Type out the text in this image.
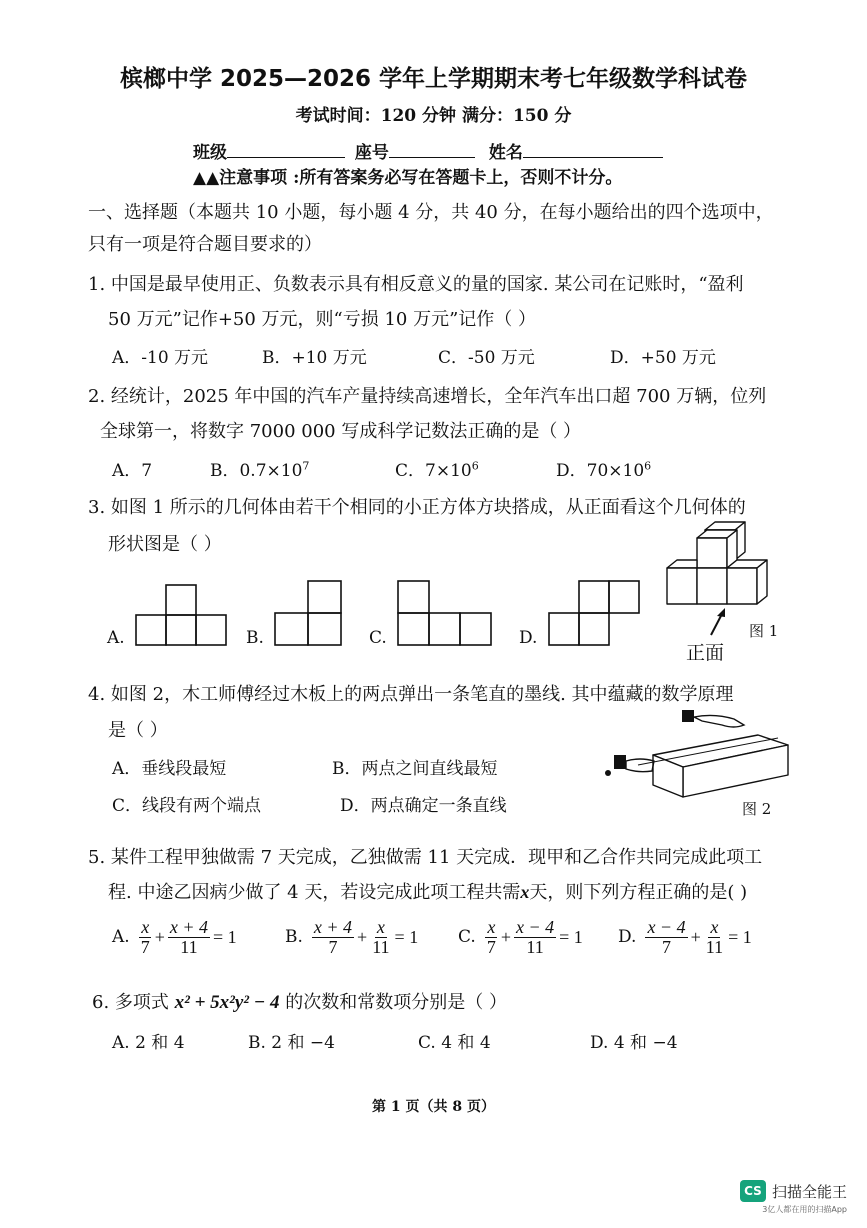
槟榔中学 2025—2026 学年上学期期末考七年级数学科试卷
考试时间：120 分钟 满分：150 分
班级	座号	姓名
▲▲注意事项 :所有答案务必写在答题卡上，否则不计分。
一、选择题（本题共 10 小题，每小题 4 分，共 40 分，在每小题给出的四个选项中，
只有一项是符合题目要求的）
1. 中国是最早使用正、负数表示具有相反意义的量的国家. 某公司在记账时，“盈利
50 万元”记作+50 万元，则“亏损 10 万元”记作（ ）
A．-10 万元	B．+10 万元	C．-50 万元	D．+50 万元
2. 经统计，2025 年中国的汽车产量持续高速增长，全年汽车出口超 700 万辆，位列
全球第一，将数字 7000 000 写成科学记数法正确的是（ ）
A．7	B．$0.7\times 10^7$	C．$7\times 10^6$	D．$70\times 10^6$
3. 如图 1 所示的几何体由若干个相同的小正方体方块搭成，从正面看这个几何体的
形状图是（ ）
A.	B.	C.	D.
正面
图 1
4. 如图 2，木工师傅经过木板上的两点弹出一条笔直的墨线. 其中蕴藏的数学原理
是（ ）
A．垂线段最短	B．两点之间直线最短
C．线段有两个端点	D．两点确定一条直线	图 2
5. 某件工程甲独做需 7 天完成，乙独做需 11 天完成．现甲和乙合作共同完成此项工
程. 中途乙因病少做了 4 天，若设完成此项工程共需x天，则下列方程正确的是( )
A. $\frac{x}{7} + \frac{x + 4}{11} = 1$	B. $\frac{x + 4}{7} + \frac{x}{11} = 1$ C. $\frac{x}{7} + \frac{x - 4}{11} = 1$ D. $\frac{x - 4}{7} + \frac{x}{11} = 1$
6. 多项式 x² + 5x²y² − 4 的次数和常数项分别是（ ）
A. 2 和 4	B. 2 和 −4	C. 4 和 4	D. 4 和 −4
第 1 页（共 8 页）
CS 扫描全能王
3亿人都在用的扫描App
